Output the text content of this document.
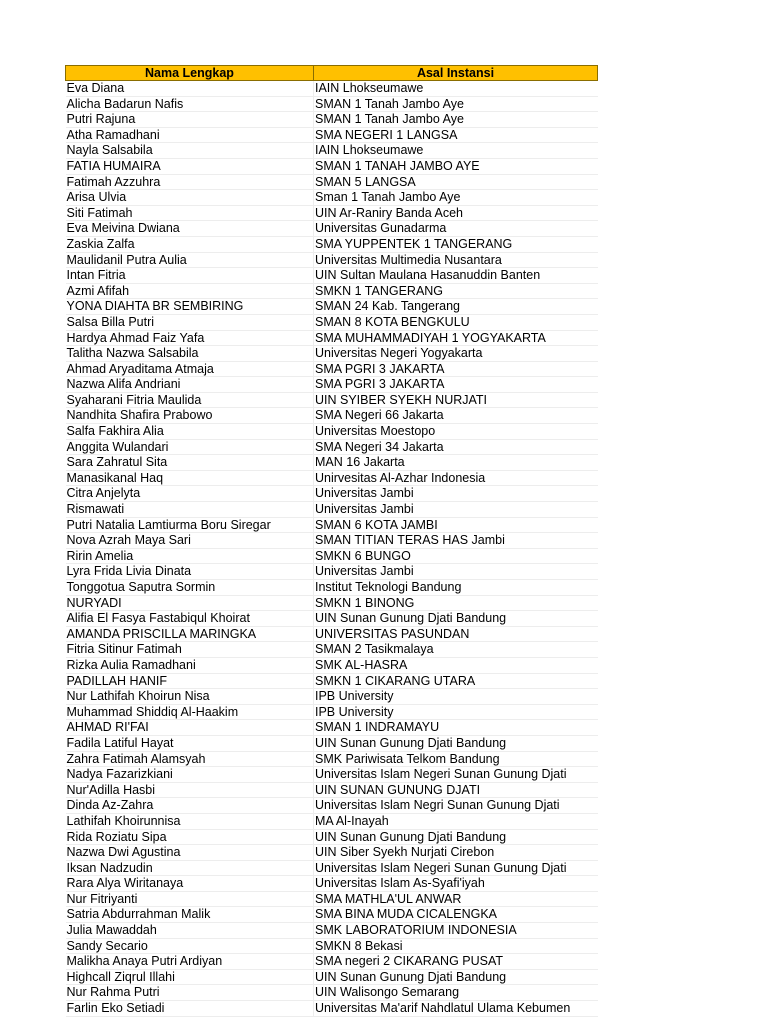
Nama Lengkap	Asal Instansi
Eva Diana	IAIN Lhokseumawe
Alicha Badarun Nafis	SMAN 1 Tanah Jambo Aye
Putri Rajuna	SMAN 1 Tanah Jambo Aye
Atha Ramadhani	SMA NEGERI 1 LANGSA
Nayla Salsabila	IAIN Lhokseumawe
FATIA HUMAIRA	SMAN 1 TANAH JAMBO AYE
Fatimah Azzuhra	SMAN 5 LANGSA
Arisa Ulvia	Sman 1 Tanah Jambo Aye
Siti Fatimah	UIN Ar-Raniry Banda Aceh
Eva Meivina Dwiana	Universitas Gunadarma
Zaskia Zalfa	SMA YUPPENTEK 1 TANGERANG
Maulidanil Putra Aulia	Universitas Multimedia Nusantara
Intan Fitria	UIN Sultan Maulana Hasanuddin Banten
Azmi Afifah	SMKN 1 TANGERANG
YONA DIAHTA BR SEMBIRING	SMAN 24 Kab. Tangerang
Salsa Billa Putri	SMAN 8 KOTA BENGKULU
Hardya Ahmad Faiz Yafa	SMA MUHAMMADIYAH 1 YOGYAKARTA
Talitha Nazwa Salsabila	Universitas Negeri Yogyakarta
Ahmad Aryaditama Atmaja	SMA PGRI 3 JAKARTA
Nazwa Alifa Andriani	SMA PGRI 3 JAKARTA
Syaharani Fitria Maulida	UIN SYIBER SYEKH NURJATI
Nandhita Shafira Prabowo	SMA Negeri 66 Jakarta
Salfa Fakhira Alia	Universitas Moestopo
Anggita Wulandari	SMA Negeri 34 Jakarta
Sara Zahratul Sita	MAN 16 Jakarta
Manasikanal Haq	Unirvesitas Al-Azhar Indonesia
Citra Anjelyta	Universitas Jambi
Rismawati	Universitas Jambi
Putri Natalia Lamtiurma Boru Siregar	SMAN 6 KOTA JAMBI
Nova Azrah Maya Sari	SMAN TITIAN TERAS HAS Jambi
Ririn Amelia	SMKN 6 BUNGO
Lyra Frida Livia Dinata	Universitas Jambi
Tonggotua Saputra Sormin	Institut Teknologi Bandung
NURYADI	SMKN 1 BINONG
Alifia El Fasya Fastabiqul Khoirat	UIN Sunan Gunung Djati Bandung
AMANDA PRISCILLA MARINGKA	UNIVERSITAS PASUNDAN
Fitria Sitinur Fatimah	SMAN 2 Tasikmalaya
Rizka Aulia Ramadhani	SMK AL-HASRA
PADILLAH HANIF	SMKN 1 CIKARANG UTARA
Nur Lathifah Khoirun Nisa	IPB University
Muhammad Shiddiq Al-Haakim	IPB University
AHMAD RI'FAI	SMAN 1 INDRAMAYU
Fadila Latiful Hayat	UIN Sunan Gunung Djati Bandung
Zahra Fatimah Alamsyah	SMK Pariwisata Telkom Bandung
Nadya Fazarizkiani	Universitas Islam Negeri Sunan Gunung Djati
Nur'Adilla Hasbi	UIN SUNAN GUNUNG DJATI
Dinda Az-Zahra	Universitas Islam Negri Sunan Gunung Djati
Lathifah Khoirunnisa	MA Al-Inayah
Rida Roziatu Sipa	UIN Sunan Gunung Djati Bandung
Nazwa Dwi Agustina	UIN Siber Syekh Nurjati Cirebon
Iksan Nadzudin	Universitas Islam Negeri Sunan Gunung Djati
Rara Alya Wiritanaya	Universitas Islam As-Syafi'iyah
Nur Fitriyanti	SMA MATHLA'UL ANWAR
Satria Abdurrahman Malik	SMA BINA MUDA CICALENGKA
Julia Mawaddah	SMK LABORATORIUM INDONESIA
Sandy Secario	SMKN 8 Bekasi
Malikha Anaya Putri Ardiyan	SMA negeri 2 CIKARANG PUSAT
Highcall Ziqrul Illahi	UIN Sunan Gunung Djati Bandung
Nur Rahma Putri	UIN Walisongo Semarang
Farlin Eko Setiadi	Universitas Ma'arif Nahdlatul Ulama Kebumen
